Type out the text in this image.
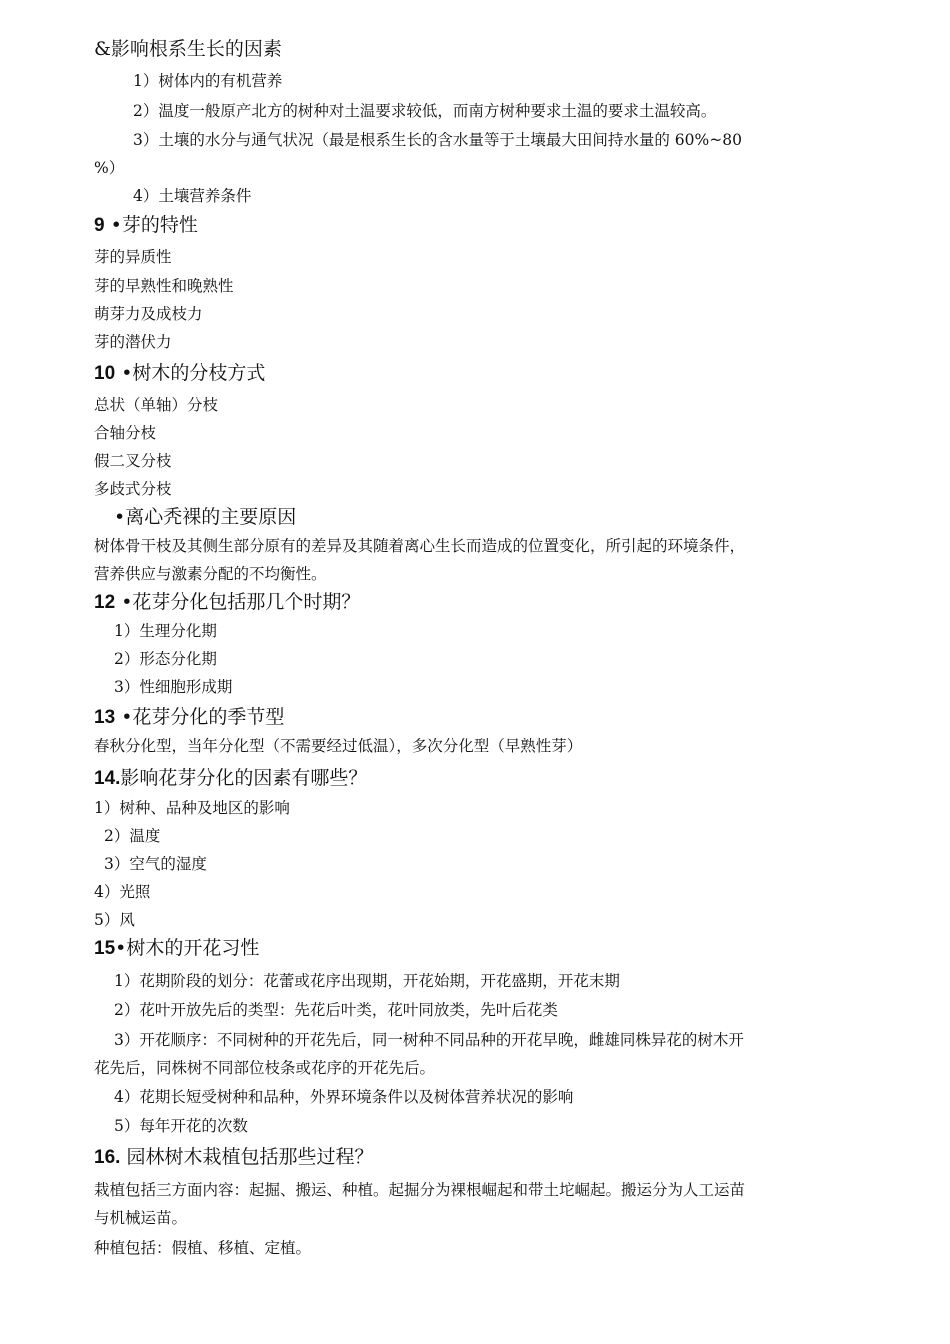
&影响根系生长的因素
1）树体内的有机营养
2）温度一般原产北方的树种对土温要求较低，而南方树种要求土温的要求土温较高。
3）土壤的水分与通气状况（最是根系生长的含水量等于土壤最大田间持水量的 60%~80
%）
4）土壤营养条件
9 •芽的特性
芽的异质性
芽的早熟性和晚熟性
萌芽力及成枝力
芽的潜伏力
10 •树木的分枝方式
总状（单轴）分枝
合轴分枝
假二叉分枝
多歧式分枝
•离心秃裸的主要原因
树体骨干枝及其侧生部分原有的差异及其随着离心生长而造成的位置变化，所引起的环境条件，
营养供应与激素分配的不均衡性。
12 •花芽分化包括那几个时期？
1）生理分化期
2）形态分化期
3）性细胞形成期
13 •花芽分化的季节型
春秋分化型，当年分化型（不需要经过低温），多次分化型（早熟性芽）
14.影响花芽分化的因素有哪些？
1）树种、品种及地区的影响
2）温度
3）空气的湿度
4）光照
5）风
15•树木的开花习性
1）花期阶段的划分：花蕾或花序出现期，开花始期，开花盛期，开花末期
2）花叶开放先后的类型：先花后叶类，花叶同放类，先叶后花类
3）开花顺序：不同树种的开花先后，同一树种不同品种的开花早晚，雌雄同株异花的树木开
花先后，同株树不同部位枝条或花序的开花先后。
4）花期长短受树种和品种，外界环境条件以及树体营养状况的影响
5）每年开花的次数
16. 园林树木栽植包括那些过程？
栽植包括三方面内容：起掘、搬运、种植。起掘分为裸根崛起和带土坨崛起。搬运分为人工运苗
与机械运苗。
种植包括：假植、移植、定植。
